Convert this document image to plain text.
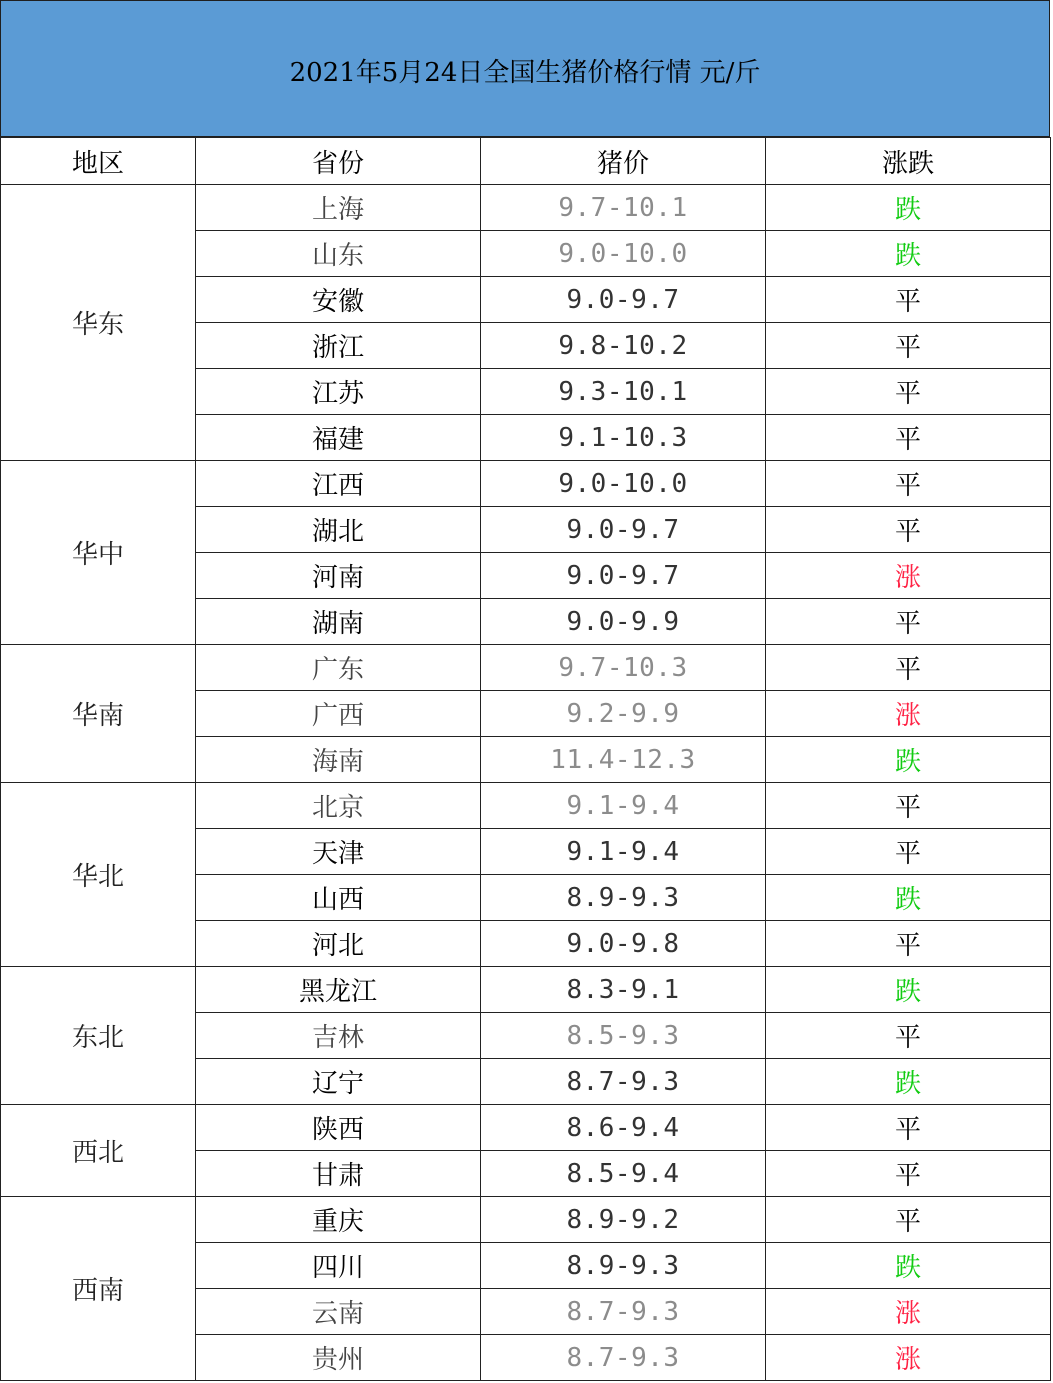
2021年5月24日全国生猪价格行情 元/斤
地区	省份	猪价	涨跌
华东	上海	9.7-10.1	跌
	山东	9.0-10.0	跌
	安徽	9.0-9.7	平
	浙江	9.8-10.2	平
	江苏	9.3-10.1	平
	福建	9.1-10.3	平
华中	江西	9.0-10.0	平
	湖北	9.0-9.7	平
	河南	9.0-9.7	涨
	湖南	9.0-9.9	平
华南	广东	9.7-10.3	平
	广西	9.2-9.9	涨
	海南	11.4-12.3	跌
华北	北京	9.1-9.4	平
	天津	9.1-9.4	平
	山西	8.9-9.3	跌
	河北	9.0-9.8	平
东北	黑龙江	8.3-9.1	跌
	吉林	8.5-9.3	平
	辽宁	8.7-9.3	跌
西北	陕西	8.6-9.4	平
	甘肃	8.5-9.4	平
西南	重庆	8.9-9.2	平
	四川	8.9-9.3	跌
	云南	8.7-9.3	涨
	贵州	8.7-9.3	涨
